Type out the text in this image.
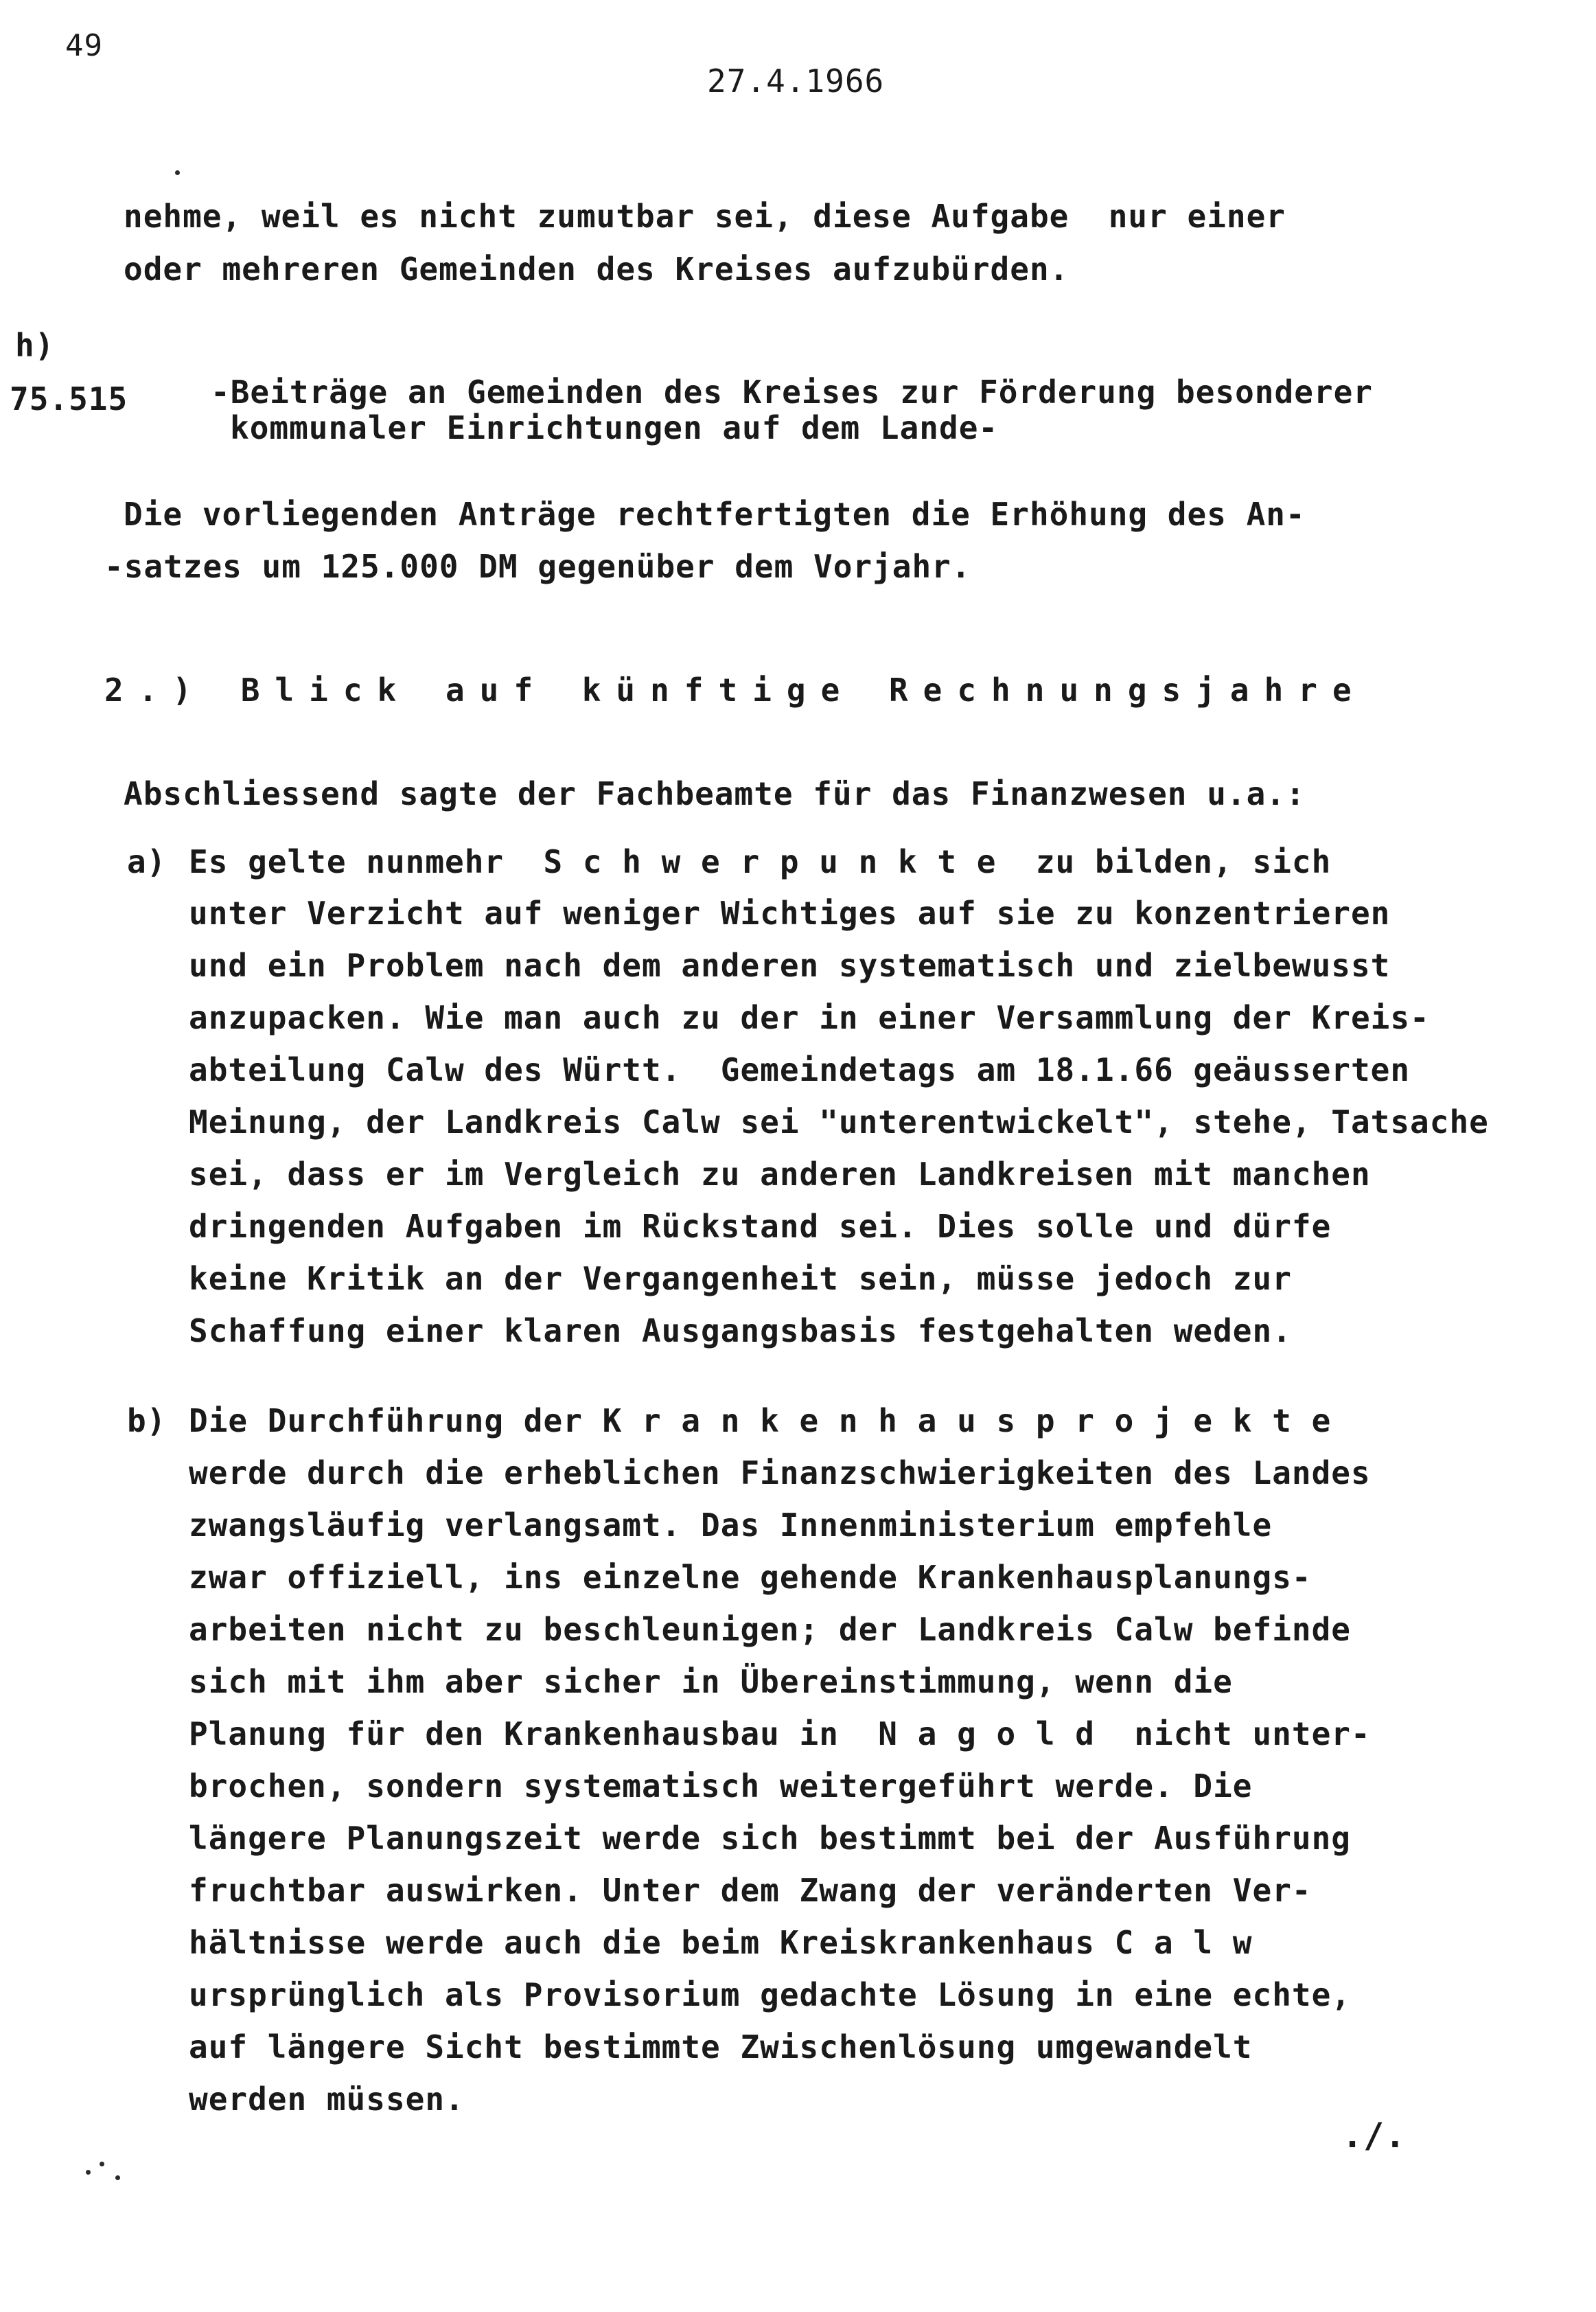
49
27.4.1966
nehme, weil es nicht zumutbar sei, diese Aufgabe  nur einer
oder mehreren Gemeinden des Kreises aufzubürden.
h)
75.515	-Beiträge an Gemeinden des Kreises zur Förderung besonderer
kommunaler Einrichtungen auf dem Lande-
Die vorliegenden Anträge rechtfertigten die Erhöhung des An-
-satzes um 125.000 DM gegenüber dem Vorjahr.
2.) Blick auf künftige Rechnungsjahre
Abschliessend sagte der Fachbeamte für das Finanzwesen u.a.:
a) Es gelte nunmehr  S c h w e r p u n k t e  zu bilden, sich
unter Verzicht auf weniger Wichtiges auf sie zu konzentrieren
und ein Problem nach dem anderen systematisch und zielbewusst
anzupacken. Wie man auch zu der in einer Versammlung der Kreis-
abteilung Calw des Württ.  Gemeindetags am 18.1.66 geäusserten
Meinung, der Landkreis Calw sei "unterentwickelt", stehe, Tatsache
sei, dass er im Vergleich zu anderen Landkreisen mit manchen
dringenden Aufgaben im Rückstand sei. Dies solle und dürfe
keine Kritik an der Vergangenheit sein, müsse jedoch zur
Schaffung einer klaren Ausgangsbasis festgehalten weden.
b) Die Durchführung der K r a n k e n h a u s p r o j e k t e
werde durch die erheblichen Finanzschwierigkeiten des Landes
zwangsläufig verlangsamt. Das Innenministerium empfehle
zwar offiziell, ins einzelne gehende Krankenhausplanungs-
arbeiten nicht zu beschleunigen; der Landkreis Calw befinde
sich mit ihm aber sicher in Übereinstimmung, wenn die
Planung für den Krankenhausbau in  N a g o l d  nicht unter-
brochen, sondern systematisch weitergeführt werde. Die
längere Planungszeit werde sich bestimmt bei der Ausführung
fruchtbar auswirken. Unter dem Zwang der veränderten Ver-
hältnisse werde auch die beim Kreiskrankenhaus C a l w
ursprünglich als Provisorium gedachte Lösung in eine echte,
auf längere Sicht bestimmte Zwischenlösung umgewandelt
werden müssen.
./.
